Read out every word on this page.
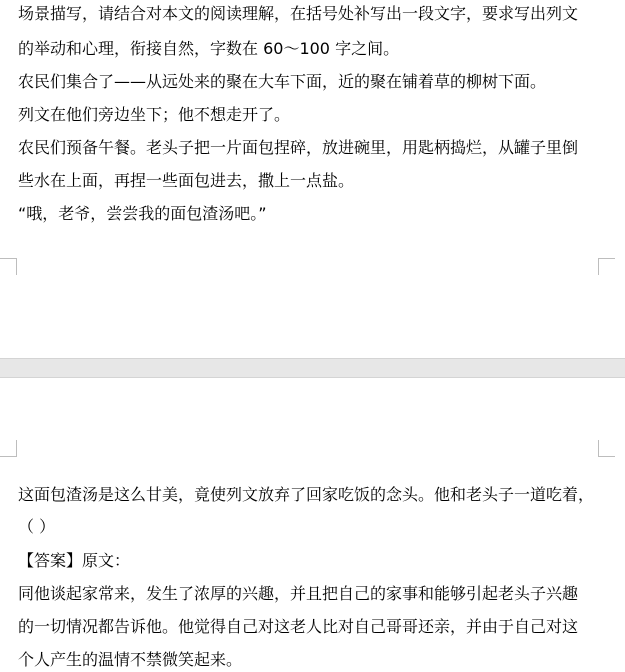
场景描写，请结合对本文的阅读理解，在括号处补写出一段文字，要求写出列文
的举动和心理，衔接自然，字数在 60～100 字之间。
农民们集合了——从远处来的聚在大车下面，近的聚在铺着草的柳树下面。
列文在他们旁边坐下；他不想走开了。
农民们预备午餐。老头子把一片面包捏碎，放进碗里，用匙柄捣烂，从罐子里倒
些水在上面，再捏一些面包进去，撒上一点盐。
“哦，老爷，尝尝我的面包渣汤吧。”
这面包渣汤是这么甘美，竟使列文放弃了回家吃饭的念头。他和老头子一道吃着，
（ ）
【答案】原文：
同他谈起家常来，发生了浓厚的兴趣，并且把自己的家事和能够引起老头子兴趣
的一切情况都告诉他。他觉得自己对这老人比对自己哥哥还亲，并由于自己对这
个人产生的温情不禁微笑起来。
